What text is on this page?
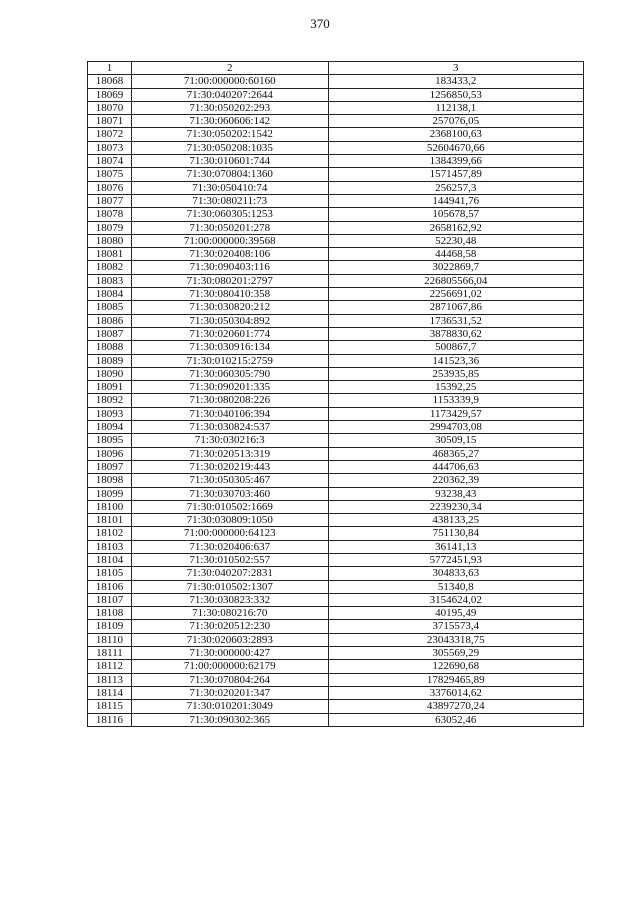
370
1	2	3
18068	71:00:000000:60160	183433,2
18069	71:30:040207:2644	1256850,53
18070	71:30:050202:293	112138,1
18071	71:30:060606:142	257076,05
18072	71:30:050202:1542	2368100,63
18073	71:30:050208:1035	52604670,66
18074	71:30:010601:744	1384399,66
18075	71:30:070804:1360	1571457,89
18076	71:30:050410:74	256257,3
18077	71:30:080211:73	144941,76
18078	71:30:060305:1253	105678,57
18079	71:30:050201:278	2658162,92
18080	71:00:000000:39568	52230,48
18081	71:30:020408:106	44468,58
18082	71:30:090403:116	3022869,7
18083	71:30:080201:2797	226805566,04
18084	71:30:080410:358	2256691,02
18085	71:30:030820:212	2871067,86
18086	71:30:050304:892	1736531,52
18087	71:30:020601:774	3878830,62
18088	71:30:030916:134	500867,7
18089	71:30:010215:2759	141523,36
18090	71:30:060305:790	253935,85
18091	71:30:090201:335	15392,25
18092	71:30:080208:226	1153339,9
18093	71:30:040106:394	1173429,57
18094	71:30:030824:537	2994703,08
18095	71:30:030216:3	30509,15
18096	71:30:020513:319	468365,27
18097	71:30:020219:443	444706,63
18098	71:30:050305:467	220362,39
18099	71:30:030703:460	93238,43
18100	71:30:010502:1669	2239230,34
18101	71:30:030809:1050	438133,25
18102	71:00:000000:64123	751130,84
18103	71:30:020406:637	36141,13
18104	71:30:010502:557	5772451,93
18105	71:30:040207:2831	304833,63
18106	71:30:010502:1307	51340,8
18107	71:30:030823:332	3154624,02
18108	71:30:080216:70	40195,49
18109	71:30:020512:230	3715573,4
18110	71:30:020603:2893	23043318,75
18111	71:30:000000:427	305569,29
18112	71:00:000000:62179	122690,68
18113	71:30:070804:264	17829465,89
18114	71:30:020201:347	3376014,62
18115	71:30:010201:3049	43897270,24
18116	71:30:090302:365	63052,46
